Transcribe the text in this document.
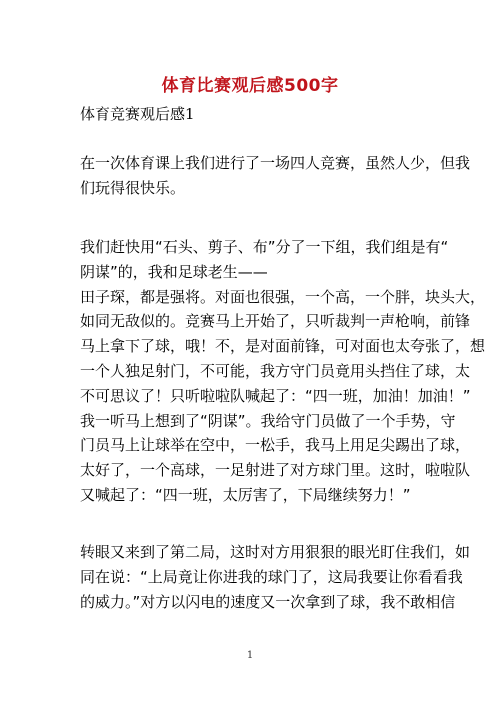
体育比赛观后感500字
体育竞赛观后感1

在一次体育课上我们进行了一场四人竞赛，虽然人少，但我
们玩得很快乐。

我们赶快用“石头、剪子、布”分了一下组，我们组是有“
阴谋”的，我和足球老生——
田子琛，都是强将。对面也很强，一个高，一个胖，块头大，
如同无敌似的。竞赛马上开始了，只听裁判一声枪响，前锋
马上拿下了球，哦！不，是对面前锋，可对面也太夸张了，想
一个人独足射门，不可能，我方守门员竟用头挡住了球，太
不可思议了！只听啦啦队喊起了：“四一班，加油！加油！”
我一听马上想到了“阴谋”。我给守门员做了一个手势，守
门员马上让球举在空中，一松手，我马上用足尖踢出了球，
太好了，一个高球，一足射进了对方球门里。这时，啦啦队
又喊起了：“四一班，太厉害了，下局继续努力！”

转眼又来到了第二局，这时对方用狠狠的眼光盯住我们，如
同在说：“上局竟让你进我的球门了，这局我要让你看看我
的威力。”对方以闪电的速度又一次拿到了球，我不敢相信

1
